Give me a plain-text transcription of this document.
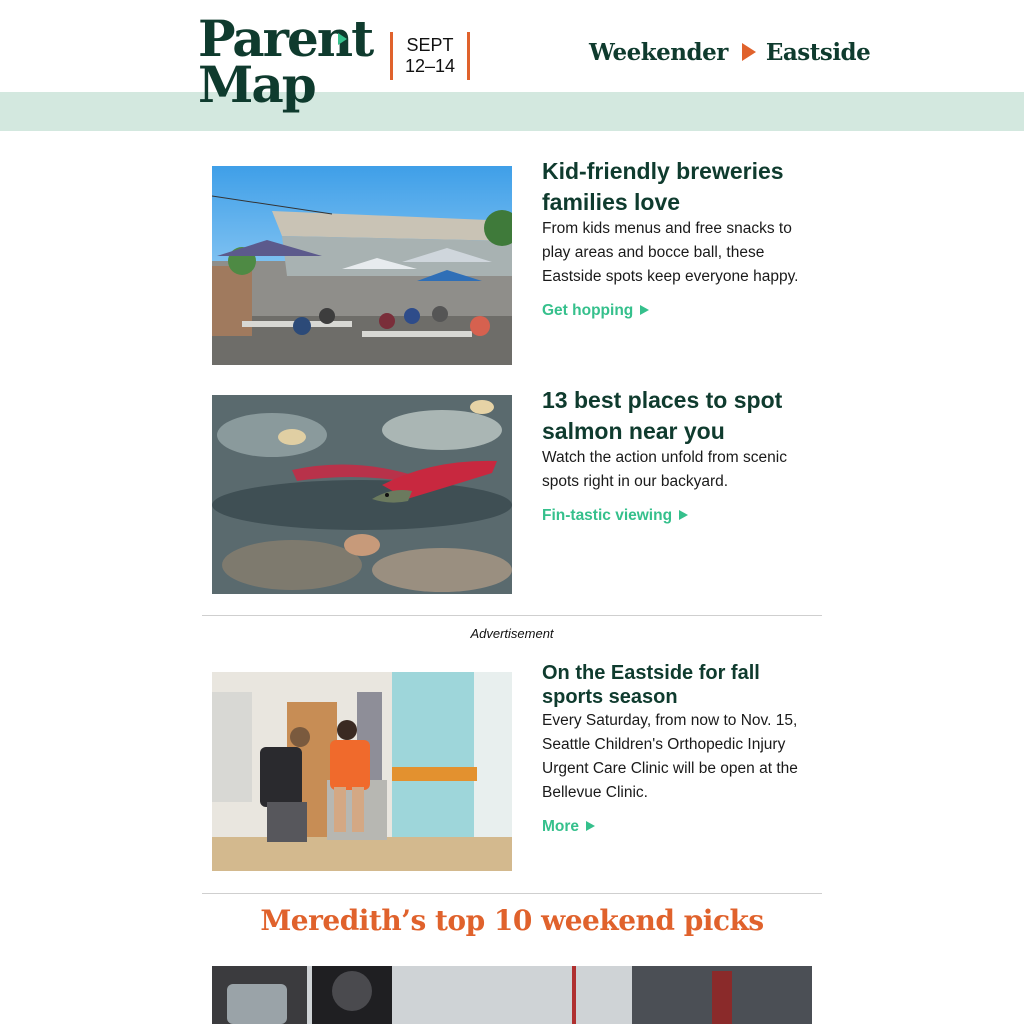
Parent
Map
SEPT
12–14	Weekender Eastside
Kid-friendly breweries families love
From kids menus and free snacks to play areas and bocce ball, these Eastside spots keep everyone happy.
Get hopping
13 best places to spot salmon near you
Watch the action unfold from scenic spots right in our backyard.
Fin-tastic viewing
Advertisement
On the Eastside for fall sports season
Every Saturday, from now to Nov. 15, Seattle Children's Orthopedic Injury Urgent Care Clinic will be open at the Bellevue Clinic.
More
Meredith’s top 10 weekend picks
